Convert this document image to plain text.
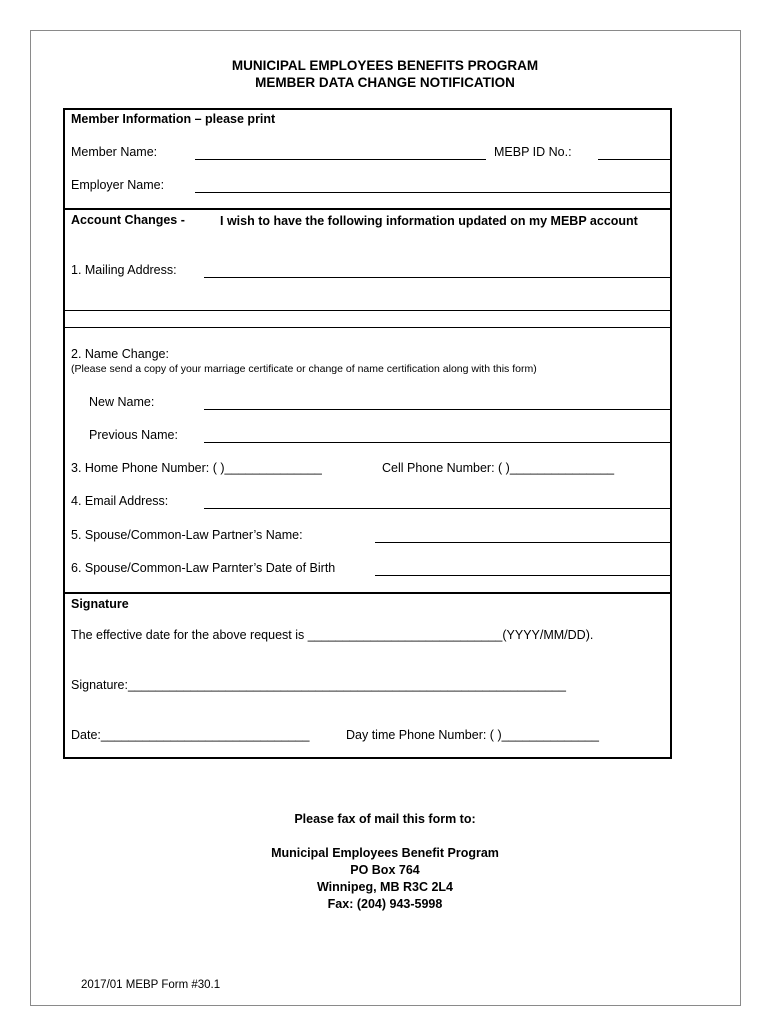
MUNICIPAL EMPLOYEES BENEFITS PROGRAM
MEMBER DATA CHANGE NOTIFICATION
Member Information – please print
Member Name:	MEBP ID No.:
Employer Name:
Account Changes -	I wish to have the following information updated on my MEBP account
1. Mailing Address:
2. Name Change:
(Please send a copy of your marriage certificate or change of name certification along with this form)
New Name:
Previous Name:
3. Home Phone Number: ( )______________	Cell Phone Number: ( )_______________
4. Email Address:
5. Spouse/Common-Law Partner’s Name:
6. Spouse/Common-Law Parnter’s Date of Birth
Signature
The effective date for the above request is ____________________________(YYYY/MM/DD).
Signature:_______________________________________________________________
Date:______________________________	Day time Phone Number: ( )______________
Please fax of mail this form to:
Municipal Employees Benefit Program
PO Box 764
Winnipeg, MB R3C 2L4
Fax: (204) 943-5998
2017/01 MEBP Form #30.1
